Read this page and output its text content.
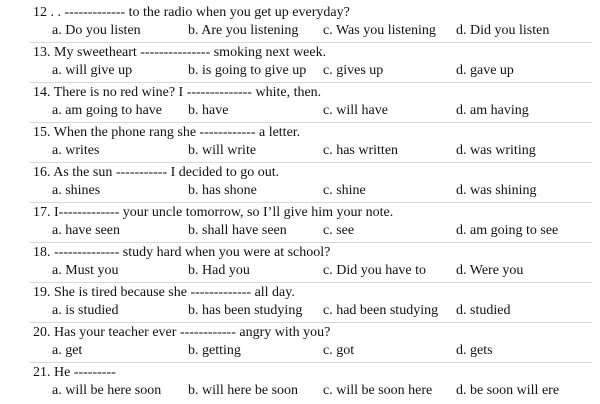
12 . . ------------- to the radio when you get up everyday?
a. Do you listen	b. Are you listening c. Was you listening d. Did you listen
13. My sweetheart --------------- smoking next week.
a. will give up	b. is going to give up c. gives up	d. gave up
14. There is no red wine? I -------------- white, then.
a. am going to have b. have	c. will have	d. am having
15. When the phone rang she ------------ a letter.
a. writes	b. will write	c. has written	d. was writing
16. As the sun ----------- I decided to go out.
a. shines	b. has shone	c. shine	d. was shining
17. I------------- your uncle tomorrow, so I’ll give him your note.
a. have seen	b. shall have seen	c. see	d. am going to see
18. -------------- study hard when you were at school?
a. Must you	b. Had you	c. Did you have to d. Were you
19. She is tired because she ------------- all day.
a. is studied	b. has been studying c. had been studying d. studied
20. Has your teacher ever ------------ angry with you?
a. get	b. getting	c. got	d. gets
21. He ---------
a. will be here soon b. will here be soon c. will be soon here d. be soon will ere
